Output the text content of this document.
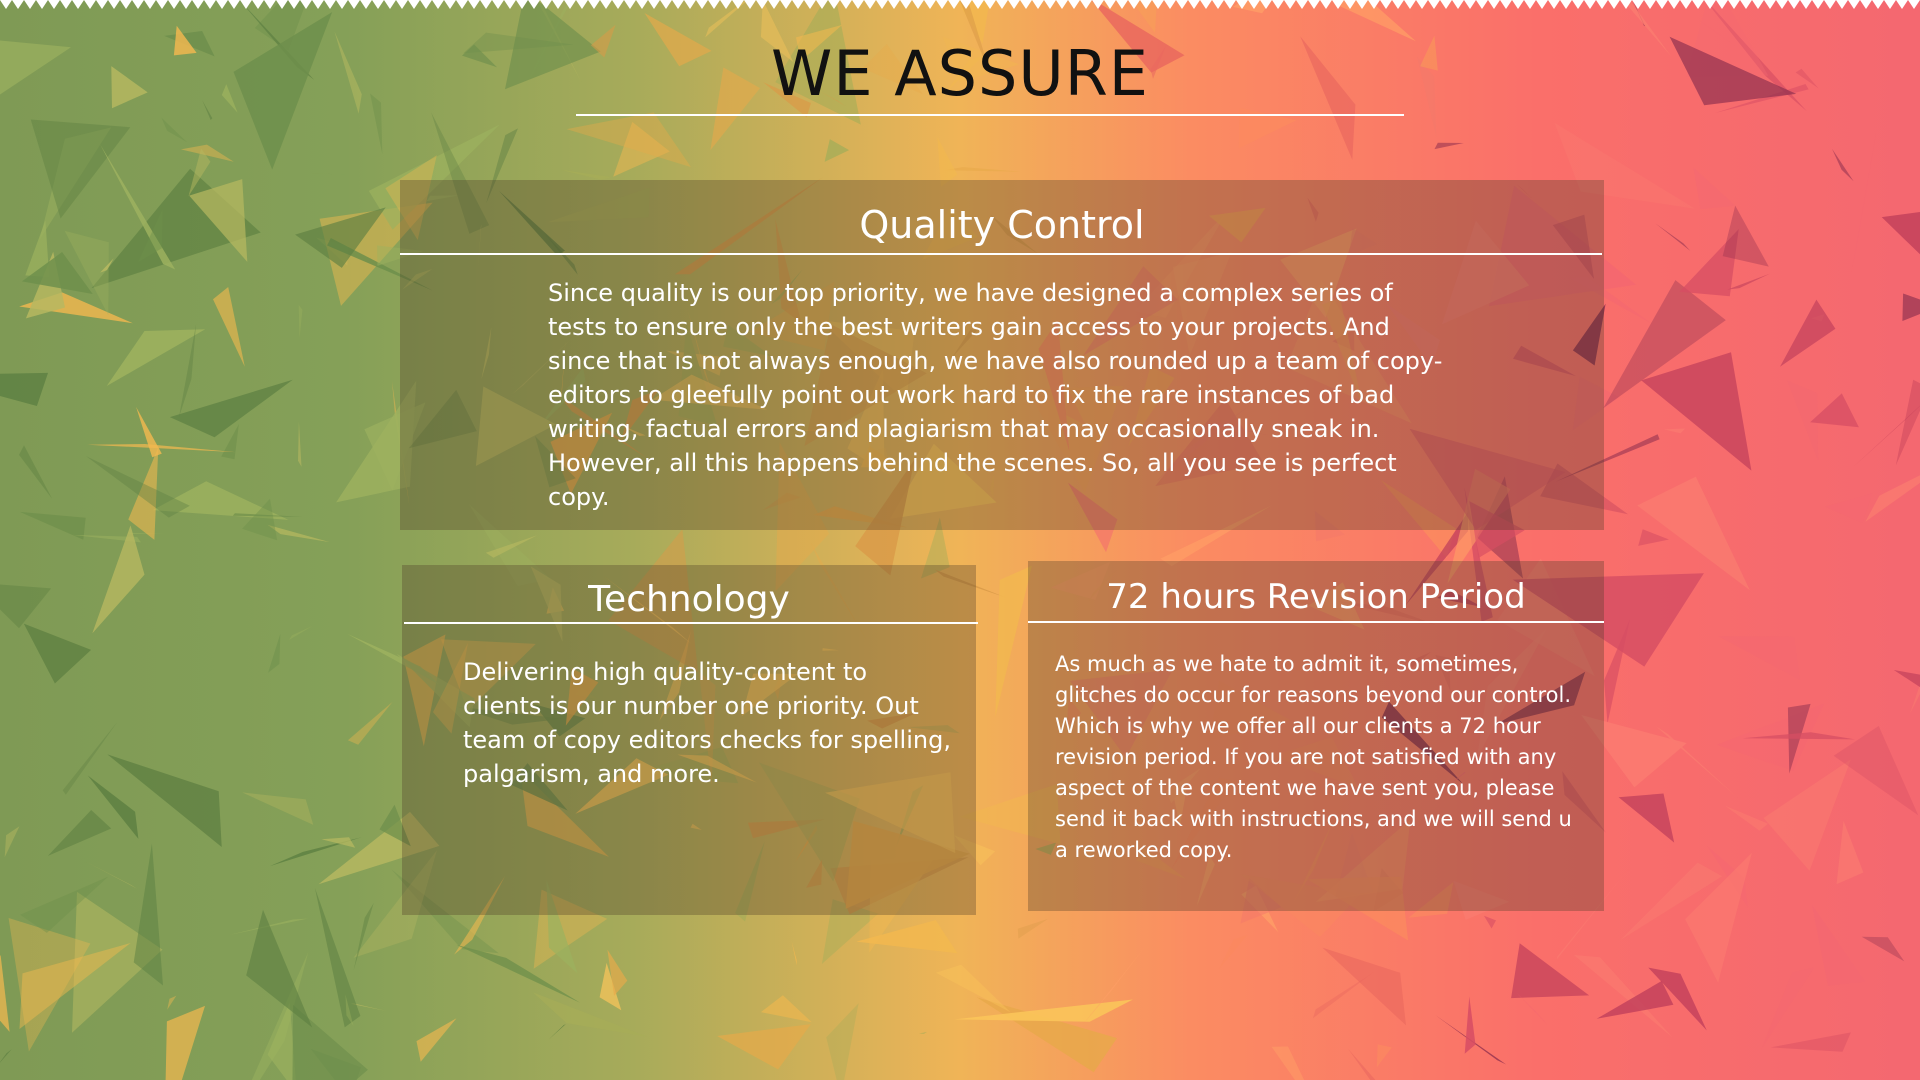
WE ASSURE
Quality Control

Since quality is our top priority, we have designed a complex series of tests to ensure only the best writers gain access to your projects. And since that is not always enough, we have also rounded up a team of copy-editors to gleefully point out work hard to fix the rare instances of bad writing, factual errors and plagiarism that may occasionally sneak in. However, all this happens behind the scenes. So, all you see is perfect copy.

Technology

Delivering high quality-content to clients is our number one priority. Out team of copy editors checks for spelling, palgarism, and more.

72 hours Revision Period

As much as we hate to admit it, sometimes, glitches do occur for reasons beyond our control. Which is why we offer all our clients a 72 hour revision period. If you are not satisfied with any aspect of the content we have sent you, please send it back with instructions, and we will send u a reworked copy.
